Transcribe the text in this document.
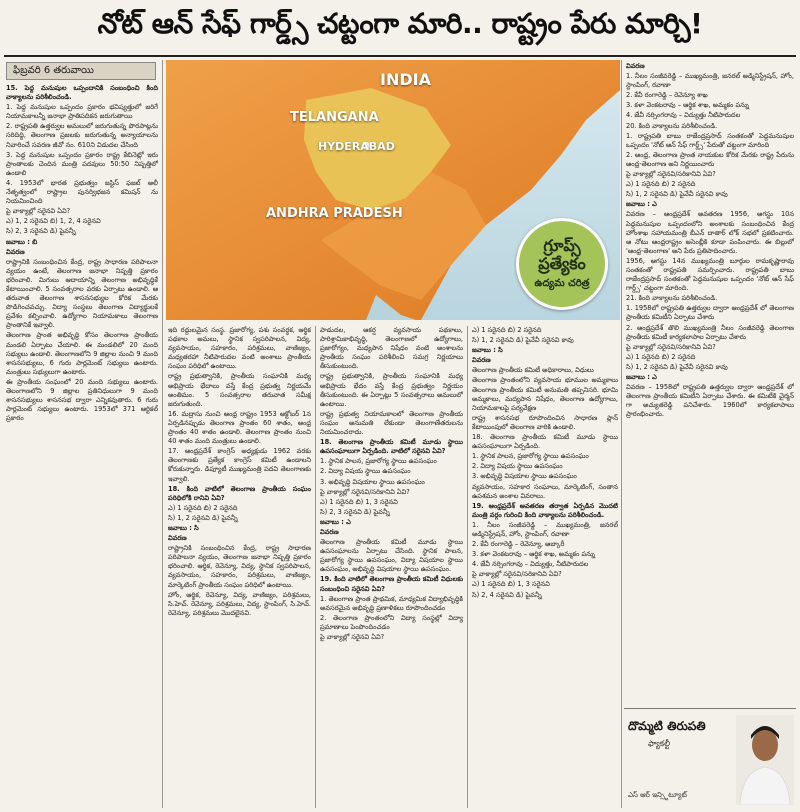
నోట్ ఆన్ సేఫ్ గార్డ్స్ చట్టంగా మారి.. రాష్ట్రం పేరు మార్చి!
ఫిబ్రవరి 6 తరువాయి	INDIA
TELANGANA
HYDERABAD
ANDHRA PRADESH
గ్రూప్స్
ప్రత్యేకం
ఉద్యమ చరిత్ర

15. పెద్ద మనుషుల ఒప్పందానికి సంబంధించి కింది వాక్యాలను పరిశీలించండి.

1. పెద్ద మనుషుల ఒప్పందం ప్రకారం భవిష్యత్తులో జరిగే నియామకాలన్నీ జనాభా ప్రాతిపదికన జరుగుతాయి

2. రాష్ట్రపతి ఉత్తర్వుల అమలులో జరుగుతున్న పొరపాట్లను సరిదిద్ది, తెలంగాణ ప్రజలకు జరుగుతున్న అన్యాయాలను నివారించే సవరణ జీవో నం. 610ని విడుదల చేసింది

3. పెద్ద మనుషుల ఒప్పందం ప్రకారం రాష్ట్ర కేబినెట్లో ఇరు ప్రాంతాలకు చెందిన మంత్రి పదవులు 50:50 నిష్పత్తిలో ఉండాలి

4. 1953లో భారత ప్రభుత్వం జస్టిస్ ఫజల్ అలీ నేతృత్వంలో రాష్ట్రాల పునర్విభజన కమిషన్ ను నియమించింది

పై వాక్యాల్లో సరైనవి ఏవి?

ఎ) 1, 2 సరైనవి బి) 1, 2, 4 సరైనవి

సి) 2, 3 సరైనవి డి) పైవన్నీ

జవాబు : బి

వివరణ

రాష్ట్రానికి సంబంధించిన కేంద్ర, రాష్ట్ర సాధారణ పరిపాలనా వ్యయం ఉంటే, తెలంగాణ జనాభా నిష్పత్తి ప్రకారం భరించాలి. మిగులు ఆదాయాన్ని తెలంగాణ అభివృద్ధికే కేటాయించాలి. 5 సంవత్సరాల వరకు ఏర్పాటు ఉండాలి. ఆ తరువాత తెలంగాణ శాసనసభ్యుల కోరిక మేరకు పొడిగించవచ్చు. విద్యా సంస్థలు తెలంగాణ విద్యార్థులకే ప్రవేశం కల్పించాలి. ఉద్యోగాల నియామకాలు తెలంగాణ ప్రాంతానికే ఇవ్వాలి.

తెలంగాణ ప్రాంత అభివృద్ధి కోసం తెలంగాణ ప్రాంతీయ మండలి ఏర్పాటు చేయాలి. ఈ మండలిలో 20 మంది సభ్యులు ఉండాలి. తెలంగాణలోని 9 జిల్లాల నుంచి 9 మంది శాసనసభ్యులు, 6 గురు పార్లమెంట్ సభ్యులు ఉంటారు. మంత్రులు సభ్యులుగా ఉంటారు.

ఈ ప్రాంతీయ సంఘంలో 20 మంది సభ్యులు ఉంటారు. తెలంగాణలోని 9 జిల్లాల ప్రతినిధులుగా 9 మంది శాసనసభ్యులు శాసనసభ ద్వారా ఎన్నికవుతారు. 6 గురు పార్లమెంట్ సభ్యులు ఉంటారు. 1953లో 371 ఆర్టికల్ ప్రకారం

ఇది రద్దులమైన సంస్థ. ప్రజారోగ్య, పశు సంవర్ధక, ఆర్థిక పథకాల అమలు, స్థానిక స్వపరిపాలన, విద్య, వ్యవసాయం, సహకారం, పరిశ్రమలు, వాణిజ్యం, మధ్యతరహా నీటిపారుదల వంటి అంశాలు ప్రాంతీయ సంఘం పరిధిలో ఉంటాయి.

రాష్ట్ర ప్రభుత్వానికి, ప్రాంతీయ సంఘానికి మధ్య అభిప్రాయ భేదాలు వస్తే కేంద్ర ప్రభుత్వ నిర్ణయమే అంతిమం. 5 సంవత్సరాల తరువాత సమీక్ష జరుగుతుంది.

16. మద్రాసు నుంచి ఆంధ్ర రాష్ట్రం 1953 అక్టోబర్ 1న ఏర్పడినప్పుడు తెలంగాణ ప్రాంతం 60 శాతం, ఆంధ్ర ప్రాంతం 40 శాతం ఉండాలి. తెలంగాణ ప్రాంతం నుంచి 40 శాతం మంది మంత్రులు ఉండాలి.

17. ఆంధ్రప్రదేశ్ కాంగ్రెస్ అధ్యక్షుడు 1962 వరకు తెలంగాణకు ప్రత్యేక కాంగ్రెస్ కమిటీ ఉండాలని కోరుకున్నారు. డిప్యూటీ ముఖ్యమంత్రి పదవి తెలంగాణకు ఇవ్వాలి.

18. కింది వాటిలో తెలంగాణ ప్రాంతీయ సంఘం పరిధిలోకి రానివి ఏవి?

ఎ) 1 సరైనది బి) 2 సరైనది

సి) 1, 2 సరైనవి డి) పైవన్నీ

జవాబు : సి

వివరణ

రాష్ట్రానికి సంబంధించిన కేంద్ర, రాష్ట్ర సాధారణ పరిపాలనా వ్యయం, తెలంగాణ జనాభా నిష్పత్తి ప్రకారం భరించాలి. ఆర్థిక, రెవెన్యూ, విద్య, స్థానిక స్వపరిపాలన, వ్యవసాయం, సహకారం, పరిశ్రమలు, వాణిజ్యం, మార్కెటింగ్ ప్రాంతీయ సంఘం పరిధిలో ఉంటాయి.

హోం, ఆర్థిక, రెవెన్యూ, విద్య, వాణిజ్యం, పరిశ్రమలు, సి.హెచ్. రెవెన్యూ, పరిశ్రమలు, విద్య, స్టాంపింగ్, సి.హెచ్. రెవెన్యూ, పరిశ్రమలు మొదలైనవి.

పాడుదల, ఆకర్ష వ్యవసాయ పథకాలు, పారిశ్రామికాభివృద్ధి, తెలంగాణలో ఉద్యోగాలు, ప్రజారోగ్యం, మధ్యపాన నిషేధం వంటి అంశాలను ప్రాంతీయ సంఘం పరిశీలించి సమగ్ర నిర్ణయాలు తీసుకుంటుంది.

రాష్ట్ర ప్రభుత్వానికి, ప్రాంతీయ సంఘానికి మధ్య అభిప్రాయ భేదం వస్తే కేంద్ర ప్రభుత్వం నిర్ణయం తీసుకుంటుంది. ఈ ఏర్పాట్లు 5 సంవత్సరాలు అమలులో ఉంటాయి.

రాష్ట్ర ప్రభుత్వ నియామకాలలో తెలంగాణ ప్రాంతీయ సంఘం అనుమతి లేకుండా తెలంగాణేతరులను నియమించరాదు.

18. తెలంగాణ ప్రాంతీయ కమిటీ మూడు స్థాయి ఉపసంఘాలుగా ఏర్పడింది. వాటిలో సరైనవి ఏవి?

1. స్థానిక పాలన, ప్రజారోగ్య స్థాయి ఉపసంఘం

2. విద్యా విషయ స్థాయి ఉపసంఘం

3. అభివృద్ధి విషయాల స్థాయి ఉపసంఘం

పై వాక్యాల్లో సరైనవి/సరికానివి ఏవి?

ఎ) 1 సరైనది బి) 1, 3 సరైనవి

సి) 2, 3 సరైనవి డి) పైవన్నీ

జవాబు : ఎ

వివరణ

తెలంగాణ ప్రాంతీయ కమిటీ మూడు స్థాయి ఉపసంఘాలను ఏర్పాటు చేసింది. స్థానిక పాలన, ప్రజారోగ్య స్థాయి ఉపసంఘం, విద్యా విషయాల స్థాయి ఉపసంఘం, అభివృద్ధి విషయాల స్థాయి ఉపసంఘం.

19. కింది వాటిలో తెలంగాణ ప్రాంతీయ కమిటీ విధులకు సంబంధించి సరైనవి ఏవి?

1. తెలంగాణ ప్రాంత ప్రాథమిక, మాధ్యమిక విద్యాభివృద్ధికి అవసరమైన అభివృద్ధి ప్రణాళికలు రూపొందించడం

2. తెలంగాణ ప్రాంతంలోని విద్యా సంస్థల్లో విద్యా ప్రమాణాలు పెంపొందించడం

పై వాక్యాల్లో సరైనవి ఏవి?

ఎ) 1 సరైనది బి) 2 సరైనది

సి) 1, 2 సరైనవి డి) పైవేవీ సరైనవి కావు

జవాబు : సి

వివరణ

తెలంగాణ ప్రాంతీయ కమిటీ అధికారాలు, విధులు

తెలంగాణ ప్రాంతంలోని వ్యవసాయ భూముల అమ్మకాలు తెలంగాణ ప్రాంతీయ కమిటీ అనుమతి తప్పనిసరి. భూమి అమ్మకాలు, మద్యపాన నిషేధం, తెలంగాణ ఉద్యోగాలు, నియామకాలపై పర్యవేక్షణ

రాష్ట్ర శాసనసభ రూపొందించిన సాధారణ ప్లాన్ కేటాయింపులో తెలంగాణ వారికి ఉండాలి.

18. తెలంగాణ ప్రాంతీయ కమిటీ మూడు స్థాయి ఉపసంఘాలుగా ఏర్పడింది.

1. స్థానిక పాలన, ప్రజారోగ్య స్థాయి ఉపసంఘం

2. విద్యా విషయ స్థాయి ఉపసంఘం

3. అభివృద్ధి విషయాల స్థాయి ఉపసంఘం

వ్యవసాయం, సహకార సంఘాలు, మార్కెటింగ్, సంతాన ఉపశమన అంశాల వివరాలు.

19. ఆంధ్రప్రదేశ్ అవతరణ తర్వాత ఏర్పడిన మొదటి మంత్రి వర్గం గురించి కింది వాక్యాలను పరిశీలించండి.

1. నీలం సంజీవరెడ్డి – ముఖ్యమంత్రి, జనరల్ అడ్మినిస్ట్రేషన్, హోం, స్టాంపింగ్, రవాణా

2. కేవీ రంగారెడ్డి – రెవెన్యూ, ఆబ్కారీ

3. కళా వెంకటరావు – ఆర్థిక శాఖ, అమ్మకం పన్ను

4. జేవీ నర్సింగరావు – విద్యుత్తు, నీటిపారుదల

పై వాక్యాల్లో సరైనవి/సరికానివి ఏవి?

ఎ) 1 సరైనది బి) 1, 3 సరైనవి

సి) 2, 4 సరైనవి డి) పైవన్నీ

వివరణ

1. నీలం సంజీవరెడ్డి – ముఖ్యమంత్రి, జనరల్ అడ్మినిస్ట్రేషన్, హోం, స్టాంపింగ్, రవాణా

2. కేవీ రంగారెడ్డి – రెవెన్యూ శాఖ

3. కళా వెంకటరావు – ఆర్థిక శాఖ, అమ్మకం పన్ను

4. జేవీ నర్సింగరావు – విద్యుత్తు నీటిపారుదల

20. కింది వాక్యాలను పరిశీలించండి.

1. రాష్ట్రపతి బాబు రాజేంద్రప్రసాద్ సంతకంతో పెద్దమనుషుల ఒప్పందం 'నోట్ ఆన్ సేఫ్ గార్డ్స్' పేరుతో చట్టంగా మారింది

2. ఆంధ్ర, తెలంగాణ ప్రాంత నాయకుల కోరిక మేరకు రాష్ట్ర పేరును ఆంధ్ర-తెలంగాణ అని నిర్ణయించారు

పై వాక్యాల్లో సరైనవి/సరికానివి ఏవి?

ఎ) 1 సరైనది బి) 2 సరైనది

సి) 1, 2 సరైనవి డి) పైవేవీ సరైనవి కావు

జవాబు : ఎ

వివరణ – ఆంధ్రప్రదేశ్ అవతరణ 1956, ఆగస్టు 10న పెద్దమనుషుల ఒప్పందంలోని అంశాలకు సంబంధించిన కేంద్ర హోంశాఖ సహాయమంత్రి బీఎన్ దాతార్ లోక్ సభలో ప్రకటించారు. ఆ నోటు ఆంధ్రరాష్ట్రం అసెంబ్లీకి కూడా పంపించారు. ఈ బిల్లులో 'ఆంధ్ర-తెలంగాణ' అని పేరు ప్రతిపాదించారు.

1956, ఆగస్టు 14న ముఖ్యమంత్రి బూర్గుల రామకృష్ణారావు సంతకంతో రాష్ట్రపతి సమర్పించారు. రాష్ట్రపతి బాబు రాజేంద్రప్రసాద్ సంతకంతో పెద్దమనుషుల ఒప్పందం 'నోట్ ఆన్ సేఫ్ గార్డ్స్' చట్టంగా మారింది.

21. కింది వాక్యాలను పరిశీలించండి.

1. 1958లో రాష్ట్రపతి ఉత్తర్వుల ద్వారా ఆంధ్రప్రదేశ్ లో తెలంగాణ ప్రాంతీయ కమిటీని ఏర్పాటు చేశారు

2. ఆంధ్రప్రదేశ్ తొలి ముఖ్యమంత్రి నీలం సంజీవరెడ్డి తెలంగాణ ప్రాంతీయ కమిటీ కార్యకలాపాల ఏర్పాటు చేశారు

పై వాక్యాల్లో సరైనవి/సరికానివి ఏవి?

ఎ) 1 సరైనది బి) 2 సరైనది

సి) 1, 2 సరైనవి డి) పైవేవీ సరైనవి కావు

జవాబు : ఎ

వివరణ – 1958లో రాష్ట్రపతి ఉత్తర్వుల ద్వారా ఆంధ్రప్రదేశ్ లో తెలంగాణ ప్రాంతీయ కమిటీని ఏర్పాటు చేశారు. ఈ కమిటీకి చైర్మన్ గా అచ్యుతరెడ్డి పనిచేశారు. 1960లో కార్యకలాపాలు ప్రారంభించారు.

దొమ్మటి తిరుపతి
ఫ్యాకల్టీ
ఎస్ ఆర్ ఇన్స్టిట్యూట్
